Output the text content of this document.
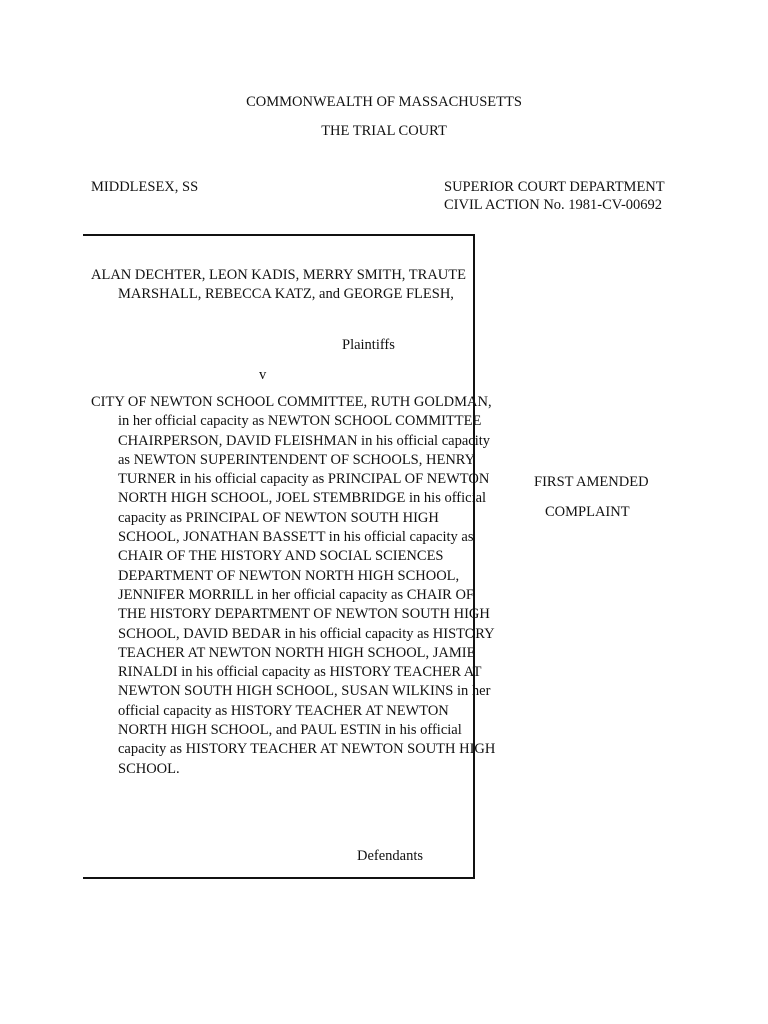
COMMONWEALTH OF MASSACHUSETTS
THE TRIAL COURT
MIDDLESEX, SS	SUPERIOR COURT DEPARTMENT
CIVIL ACTION No. 1981-CV-00692

ALAN DECHTER, LEON KADIS, MERRY SMITH, TRAUTE MARSHALL, REBECCA KATZ, and GEORGE FLESH,

Plaintiffs
v

CITY OF NEWTON SCHOOL COMMITTEE, RUTH GOLDMAN, in her official capacity as NEWTON SCHOOL COMMITTEE CHAIRPERSON, DAVID FLEISHMAN in his official capacity as NEWTON SUPERINTENDENT OF SCHOOLS, HENRY TURNER in his official capacity as PRINCIPAL OF NEWTON NORTH HIGH SCHOOL, JOEL STEMBRIDGE in his official capacity as PRINCIPAL OF NEWTON SOUTH HIGH SCHOOL, JONATHAN BASSETT in his official capacity as CHAIR OF THE HISTORY AND SOCIAL SCIENCES DEPARTMENT OF NEWTON NORTH HIGH SCHOOL, JENNIFER MORRILL in her official capacity as CHAIR OF THE HISTORY DEPARTMENT OF NEWTON SOUTH HIGH SCHOOL, DAVID BEDAR in his official capacity as HISTORY TEACHER AT NEWTON NORTH HIGH SCHOOL, JAMIE RINALDI in his official capacity as HISTORY TEACHER AT NEWTON SOUTH HIGH SCHOOL, SUSAN WILKINS in her official capacity as HISTORY TEACHER AT NEWTON NORTH HIGH SCHOOL, and PAUL ESTIN in his official capacity as HISTORY TEACHER AT NEWTON SOUTH HIGH SCHOOL.

Defendants
FIRST AMENDED
COMPLAINT
